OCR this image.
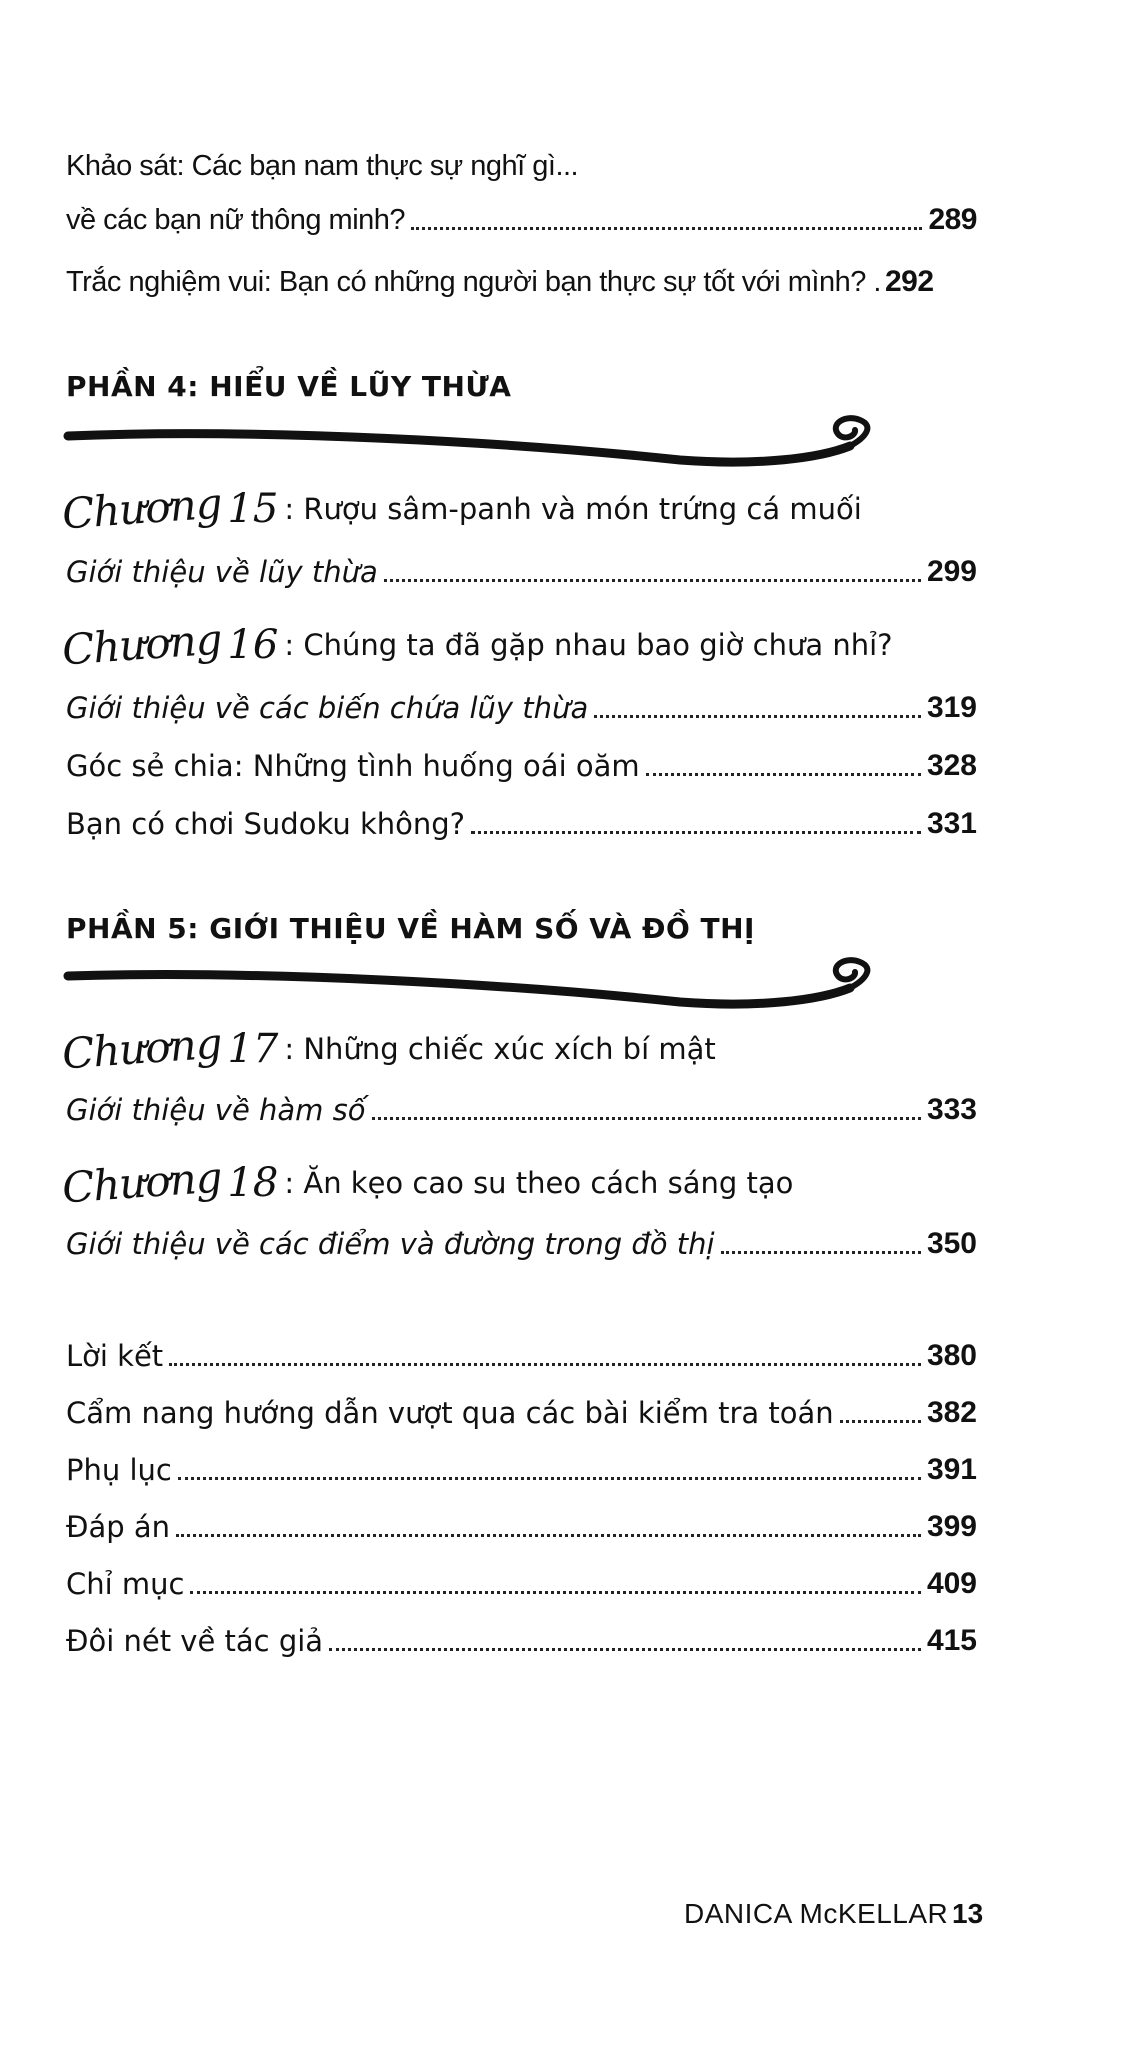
Khảo sát: Các bạn nam thực sự nghĩ gì...
về các bạn nữ thông minh?	289
Trắc nghiệm vui: Bạn có những người bạn thực sự tốt với mình? . 292
PHẦN 4: HIỂU VỀ LŨY THỪA
Chương 15 : Rượu sâm-panh và món trứng cá muối
Giới thiệu về lũy thừa	299
Chương 16 : Chúng ta đã gặp nhau bao giờ chưa nhỉ?
Giới thiệu về các biến chứa lũy thừa	319
Góc sẻ chia: Những tình huống oái oăm	328
Bạn có chơi Sudoku không?	331
PHẦN 5: GIỚI THIỆU VỀ HÀM SỐ VÀ ĐỒ THỊ
Chương 17 : Những chiếc xúc xích bí mật
Giới thiệu về hàm số	333
Chương 18 : Ăn kẹo cao su theo cách sáng tạo
Giới thiệu về các điểm và đường trong đồ thị	350
Lời kết	380
Cẩm nang hướng dẫn vượt qua các bài kiểm tra toán	382
Phụ lục	391
Đáp án	399
Chỉ mục	409
Đôi nét về tác giả	415
DANICA McKELLAR 13
